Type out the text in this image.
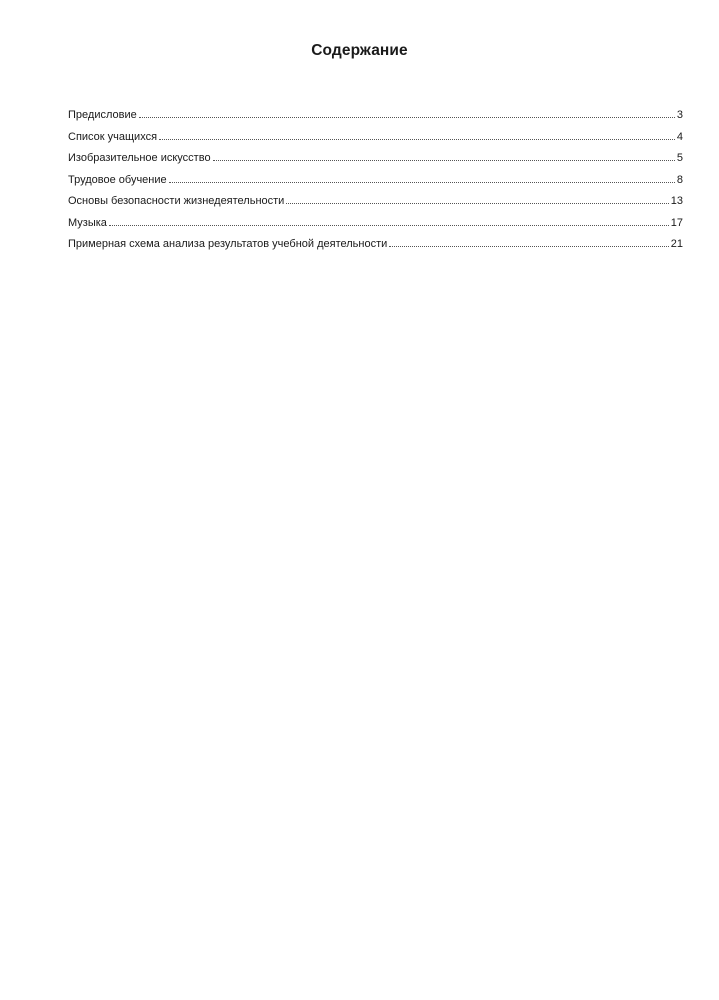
Содержание
Предисловие	3
Список учащихся	4
Изобразительное искусство	5
Трудовое обучение	8
Основы безопасности жизнедеятельности	13
Музыка	17
Примерная схема анализа результатов учебной деятельности	21
